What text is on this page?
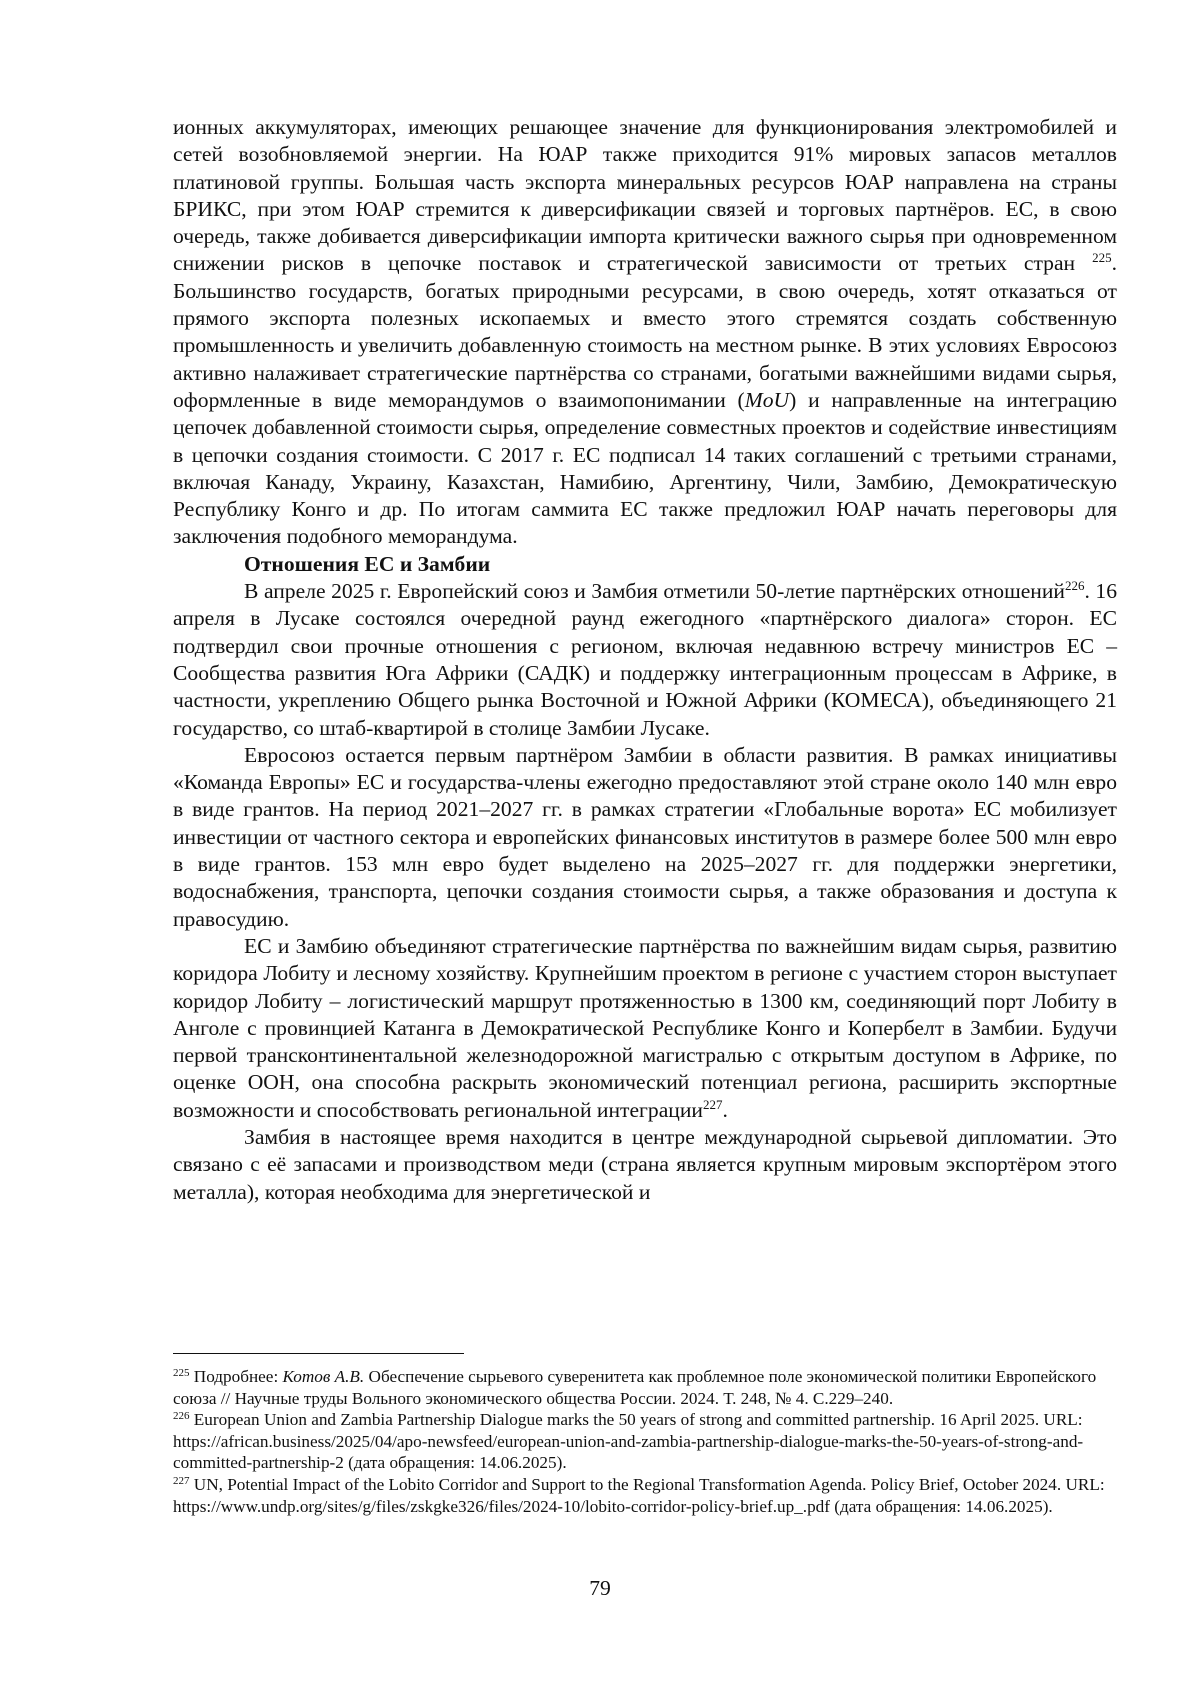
ионных аккумуляторах, имеющих решающее значение для функционирования электромобилей и сетей возобновляемой энергии. На ЮАР также приходится 91% мировых запасов металлов платиновой группы. Большая часть экспорта минеральных ресурсов ЮАР направлена на страны БРИКС, при этом ЮАР стремится к диверсификации связей и торговых партнёров. ЕС, в свою очередь, также добивается диверсификации импорта критически важного сырья при одновременном снижении рисков в цепочке поставок и стратегической зависимости от третьих стран $^{225}$. Большинство государств, богатых природными ресурсами, в свою очередь, хотят отказаться от прямого экспорта полезных ископаемых и вместо этого стремятся создать собственную промышленность и увеличить добавленную стоимость на местном рынке. В этих условиях Евросоюз активно налаживает стратегические партнёрства со странами, богатыми важнейшими видами сырья, оформленные в виде меморандумов о взаимопонимании (MoU) и направленные на интеграцию цепочек добавленной стоимости сырья, определение совместных проектов и содействие инвестициям в цепочки создания стоимости. С 2017 г. ЕС подписал 14 таких соглашений с третьими странами, включая Канаду, Украину, Казахстан, Намибию, Аргентину, Чили, Замбию, Демократическую Республику Конго и др. По итогам саммита ЕС также предложил ЮАР начать переговоры для заключения подобного меморандума.

Отношения ЕС и Замбии

В апреле 2025 г. Европейский союз и Замбия отметили 50-летие партнёрских отношений$^{226}$. 16 апреля в Лусаке состоялся очередной раунд ежегодного «партнёрского диалога» сторон. ЕС подтвердил свои прочные отношения с регионом, включая недавнюю встречу министров ЕС – Сообщества развития Юга Африки (САДК) и поддержку интеграционным процессам в Африке, в частности, укреплению Общего рынка Восточной и Южной Африки (КОМЕСА), объединяющего 21 государство, со штаб-квартирой в столице Замбии Лусаке.

Евросоюз остается первым партнёром Замбии в области развития. В рамках инициативы «Команда Европы» ЕС и государства-члены ежегодно предоставляют этой стране около 140 млн евро в виде грантов. На период 2021–2027 гг. в рамках стратегии «Глобальные ворота» ЕС мобилизует инвестиции от частного сектора и европейских финансовых институтов в размере более 500 млн евро в виде грантов. 153 млн евро будет выделено на 2025–2027 гг. для поддержки энергетики, водоснабжения, транспорта, цепочки создания стоимости сырья, а также образования и доступа к правосудию.

ЕС и Замбию объединяют стратегические партнёрства по важнейшим видам сырья, развитию коридора Лобиту и лесному хозяйству. Крупнейшим проектом в регионе с участием сторон выступает коридор Лобиту – логистический маршрут протяженностью в 1300 км, соединяющий порт Лобиту в Анголе с провинцией Катанга в Демократической Республике Конго и Копербелт в Замбии. Будучи первой трансконтинентальной железнодорожной магистралью с открытым доступом в Африке, по оценке ООН, она способна раскрыть экономический потенциал региона, расширить экспортные возможности и способствовать региональной интеграции$^{227}$.

Замбия в настоящее время находится в центре международной сырьевой дипломатии. Это связано с её запасами и производством меди (страна является крупным мировым экспортёром этого металла), которая необходима для энергетической и

$^{225}$ Подробнее: Котов А.В. Обеспечение сырьевого суверенитета как проблемное поле экономической политики Европейского союза // Научные труды Вольного экономического общества России. 2024. Т. 248, № 4. С.229–240.

$^{226}$ European Union and Zambia Partnership Dialogue marks the 50 years of strong and committed partnership. 16 April 2025. URL: https://african.business/2025/04/apo-newsfeed/european-union-and-zambia-partnership-dialogue-marks-the-50-years-of-strong-and-committed-partnership-2 (дата обращения: 14.06.2025).

$^{227}$ UN, Potential Impact of the Lobito Corridor and Support to the Regional Transformation Agenda. Policy Brief, October 2024. URL: https://www.undp.org/sites/g/files/zskgke326/files/2024-10/lobito-corridor-policy-brief.up_.pdf (дата обращения: 14.06.2025).

79
